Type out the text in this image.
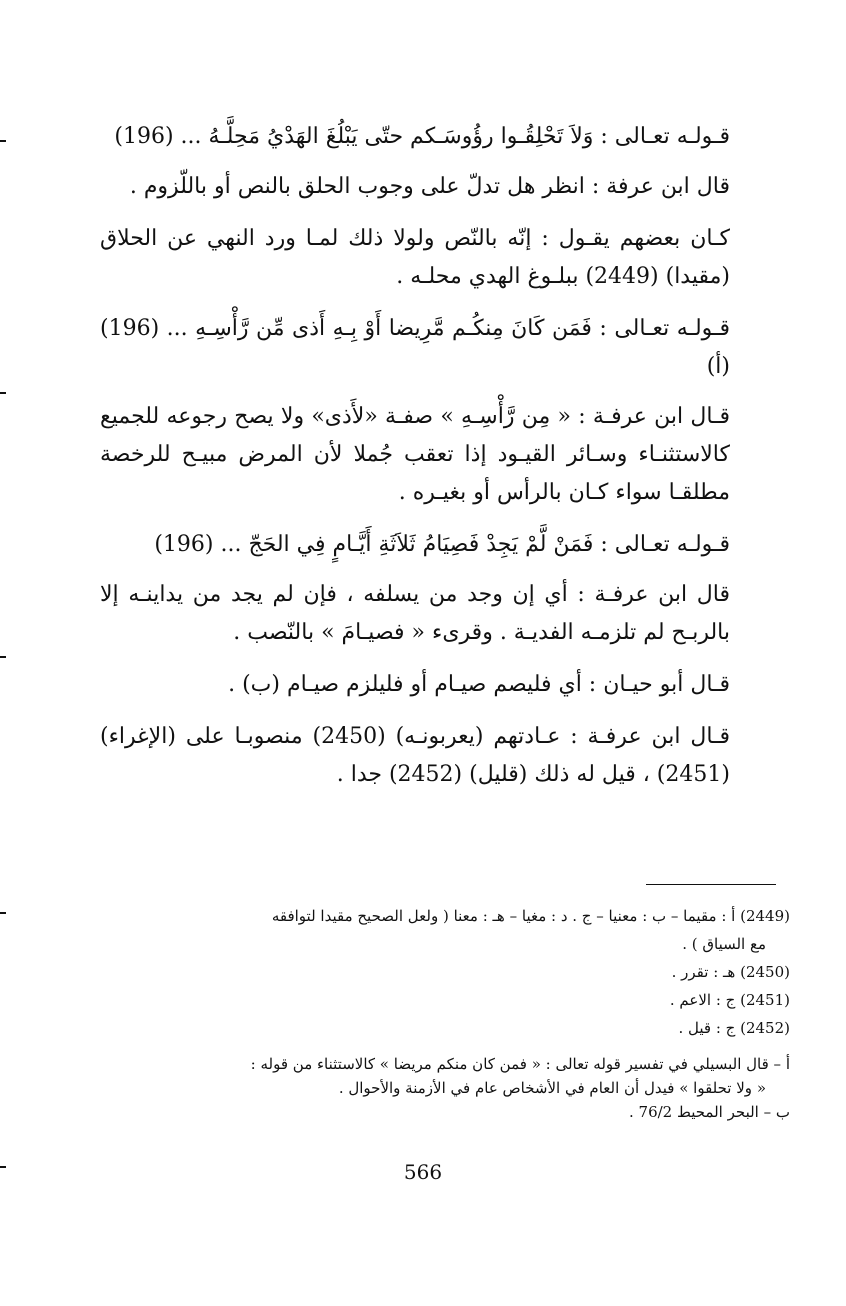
قـولـه تعـالى : وَلاَ تَحْلِقُـوا رؤُوسَـكم حتّى يَبْلُغَ الهَدْيُ مَحِلَّـهُ ... (196)

قال ابن عرفة : انظر هل تدلّ على وجوب الحلق بالنص أو باللّزوم .

كـان بعضهم يقـول : إنّه بالنّص ولولا ذلك لمـا ورد النهي عن الحلاق (مقيدا) (2449) ببلـوغ الهدي محلـه .

قـولـه تعـالى : فَمَن كَانَ مِنكُـم مَّرِيضا أَوْ بِـهِ أَذى مِّن رَّأْسِـهِ ... (196) (أ)

قـال ابن عرفـة : « مِن رَّأْسِـهِ » صفـة «لأَذى» ولا يصح رجوعه للجميع كالاستثنـاء وسـائر القيـود إذا تعقب جُملا لأن المرض مبيـح للرخصة مطلقـا سواء كـان بالرأس أو بغيـره .

قـولـه تعـالى : فَمَنْ لَّمْ يَجِدْ فَصِيَامُ ثَلاَثَةِ أَيَّـامٍ فِي الحَجّ ... (196)

قال ابن عرفـة : أي إن وجد من يسلفه ، فإن لم يجد من يداينـه إلا بالربـح لم تلزمـه الفديـة . وقرىء « فصيـامَ » بالنّصب .

قـال أبو حيـان : أي فليصم صيـام أو فليلزم صيـام (ب) .

قـال ابن عرفـة : عـادتهم (يعربونـه) (2450) منصوبـا على (الإغراء) (2451) ، قيل له ذلك (قليل) (2452) جدا .

(2449) أ : مقيما – ب : معنيا – ج . د : مغيا – هـ : معنا ( ولعل الصحيح مقيدا لتوافقه

مع السياق ) .

(2450) هـ : تقرر .

(2451) ج : الاعم .

(2452) ج : قيل .

أ – قال البسيلي في تفسير قوله تعالى : « فمن كان منكم مريضا » كالاستثناء من قوله :

« ولا تحلقوا » فيدل أن العام في الأشخاص عام في الأزمنة والأحوال .

ب – البحر المحيط 76/2 .

566
